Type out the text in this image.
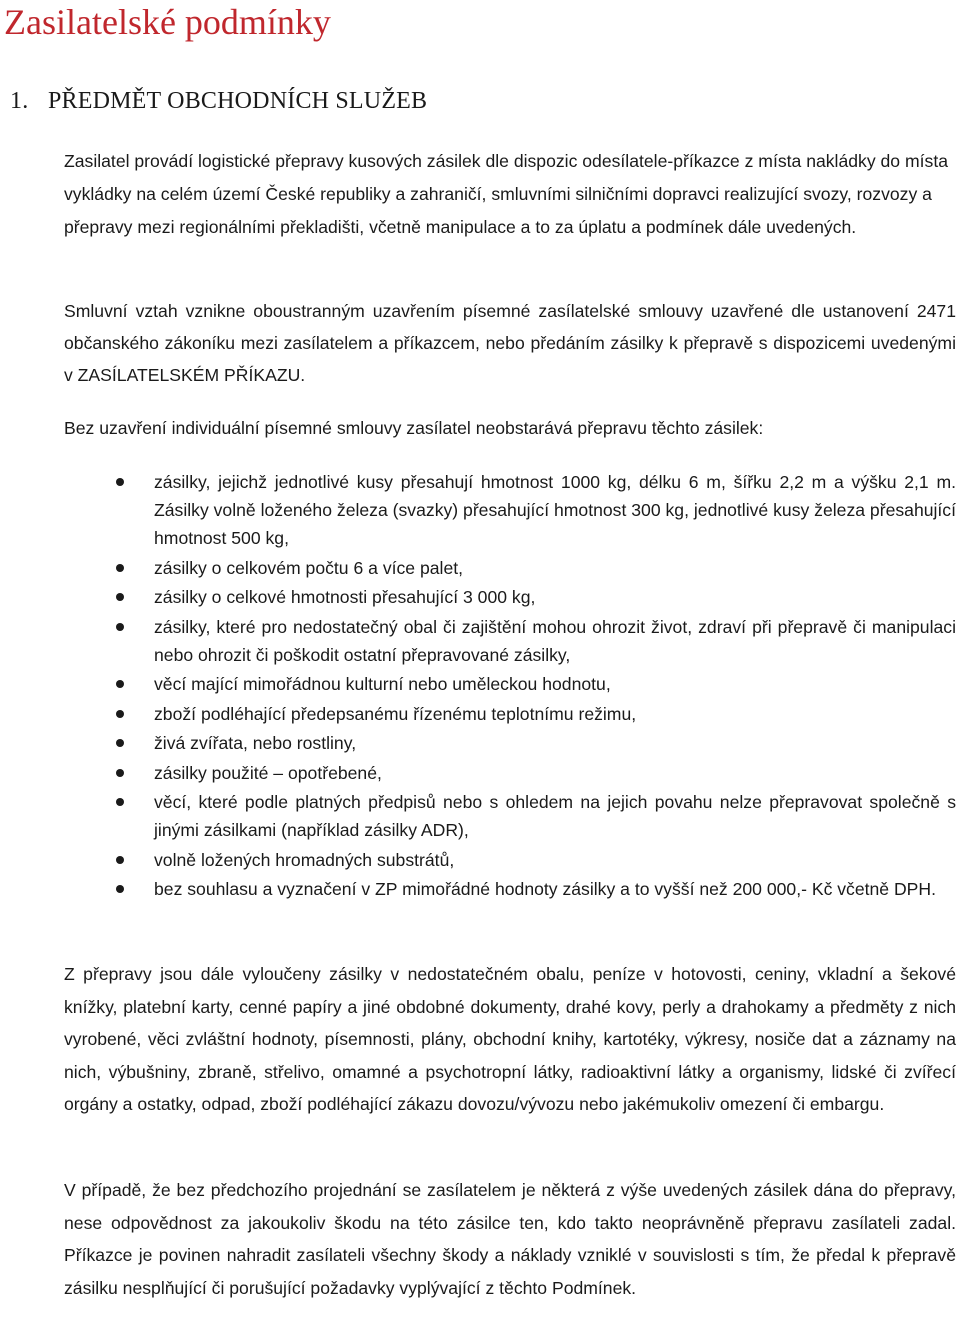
Zasilatelské podmínky
1. PŘEDMĚT OBCHODNÍCH SLUŽEB

Zasilatel provádí logistické přepravy kusových zásilek dle dispozic odesílatele-příkazce z místa nakládky do místa vykládky na celém území České republiky a zahraničí, smluvními silničními dopravci realizující svozy, rozvozy a přepravy mezi regionálními překladišti, včetně manipulace a to za úplatu a podmínek dále uvedených.

Smluvní vztah vznikne oboustranným uzavřením písemné zasílatelské smlouvy uzavřené dle ustanovení 2471 občanského zákoníku mezi zasílatelem a příkazcem, nebo předáním zásilky k přepravě s dispozicemi uvedenými v ZASÍLATELSKÉM PŘÍKAZU.

Bez uzavření individuální písemné smlouvy zasílatel neobstarává přepravu těchto zásilek:

zásilky, jejichž jednotlivé kusy přesahují hmotnost 1000 kg, délku 6 m, šířku 2,2 m a výšku 2,1 m. Zásilky volně loženého železa (svazky) přesahující hmotnost 300 kg, jednotlivé kusy železa přesahující hmotnost 500 kg,
zásilky o celkovém počtu 6 a více palet,
zásilky o celkové hmotnosti přesahující 3 000 kg,
zásilky, které pro nedostatečný obal či zajištění mohou ohrozit život, zdraví při přepravě či manipulaci nebo ohrozit či poškodit ostatní přepravované zásilky,
věcí mající mimořádnou kulturní nebo uměleckou hodnotu,
zboží podléhající předepsanému řízenému teplotnímu režimu,
živá zvířata, nebo rostliny,
zásilky použité – opotřebené,
věcí, které podle platných předpisů nebo s ohledem na jejich povahu nelze přepravovat společně s jinými zásilkami (například zásilky ADR),
volně ložených hromadných substrátů,
bez souhlasu a vyznačení v ZP mimořádné hodnoty zásilky a to vyšší než 200 000,- Kč včetně DPH.

Z přepravy jsou dále vyloučeny zásilky v nedostatečném obalu, peníze v hotovosti, ceniny, vkladní a šekové knížky, platební karty, cenné papíry a jiné obdobné dokumenty, drahé kovy, perly a drahokamy a předměty z nich vyrobené, věci zvláštní hodnoty, písemnosti, plány, obchodní knihy, kartotéky, výkresy, nosiče dat a záznamy na nich, výbušniny, zbraně, střelivo, omamné a psychotropní látky, radioaktivní látky a organismy, lidské či zvířecí orgány a ostatky, odpad, zboží podléhající zákazu dovozu/vývozu nebo jakémukoliv omezení či embargu.

V případě, že bez předchozího projednání se zasílatelem je některá z výše uvedených zásilek dána do přepravy, nese odpovědnost za jakoukoliv škodu na této zásilce ten, kdo takto neoprávněně přepravu zasílateli zadal. Příkazce je povinen nahradit zasílateli všechny škody a náklady vzniklé v souvislosti s tím, že předal k přepravě zásilku nesplňující či porušující požadavky vyplývající z těchto Podmínek.
